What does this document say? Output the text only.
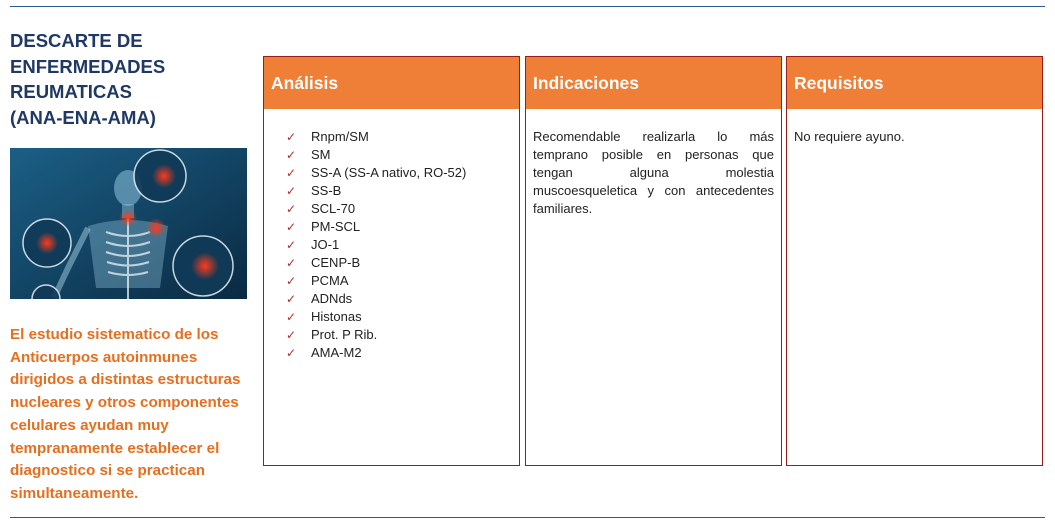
DESCARTE DE
ENFERMEDADES
REUMATICAS
(ANA-ENA-AMA)
El estudio sistematico de los Anticuerpos autoinmunes dirigidos a distintas estructuras nucleares y otros componentes celulares ayudan muy tempranamente establecer el diagnostico si se practican simultaneamente.
Análisis
✓ Rnpm/SM
✓ SM
✓ SS-A (SS-A nativo, RO-52)
✓ SS-B
✓ SCL-70
✓ PM-SCL
✓ JO-1
✓ CENP-B
✓ PCMA
✓ ADNds
✓ Histonas
✓ Prot. P Rib.
✓ AMA-M2
Indicaciones
Recomendable realizarla lo más temprano posible en personas que tengan alguna molestia muscoesqueletica y con antecedentes familiares.
Requisitos
No requiere ayuno.
